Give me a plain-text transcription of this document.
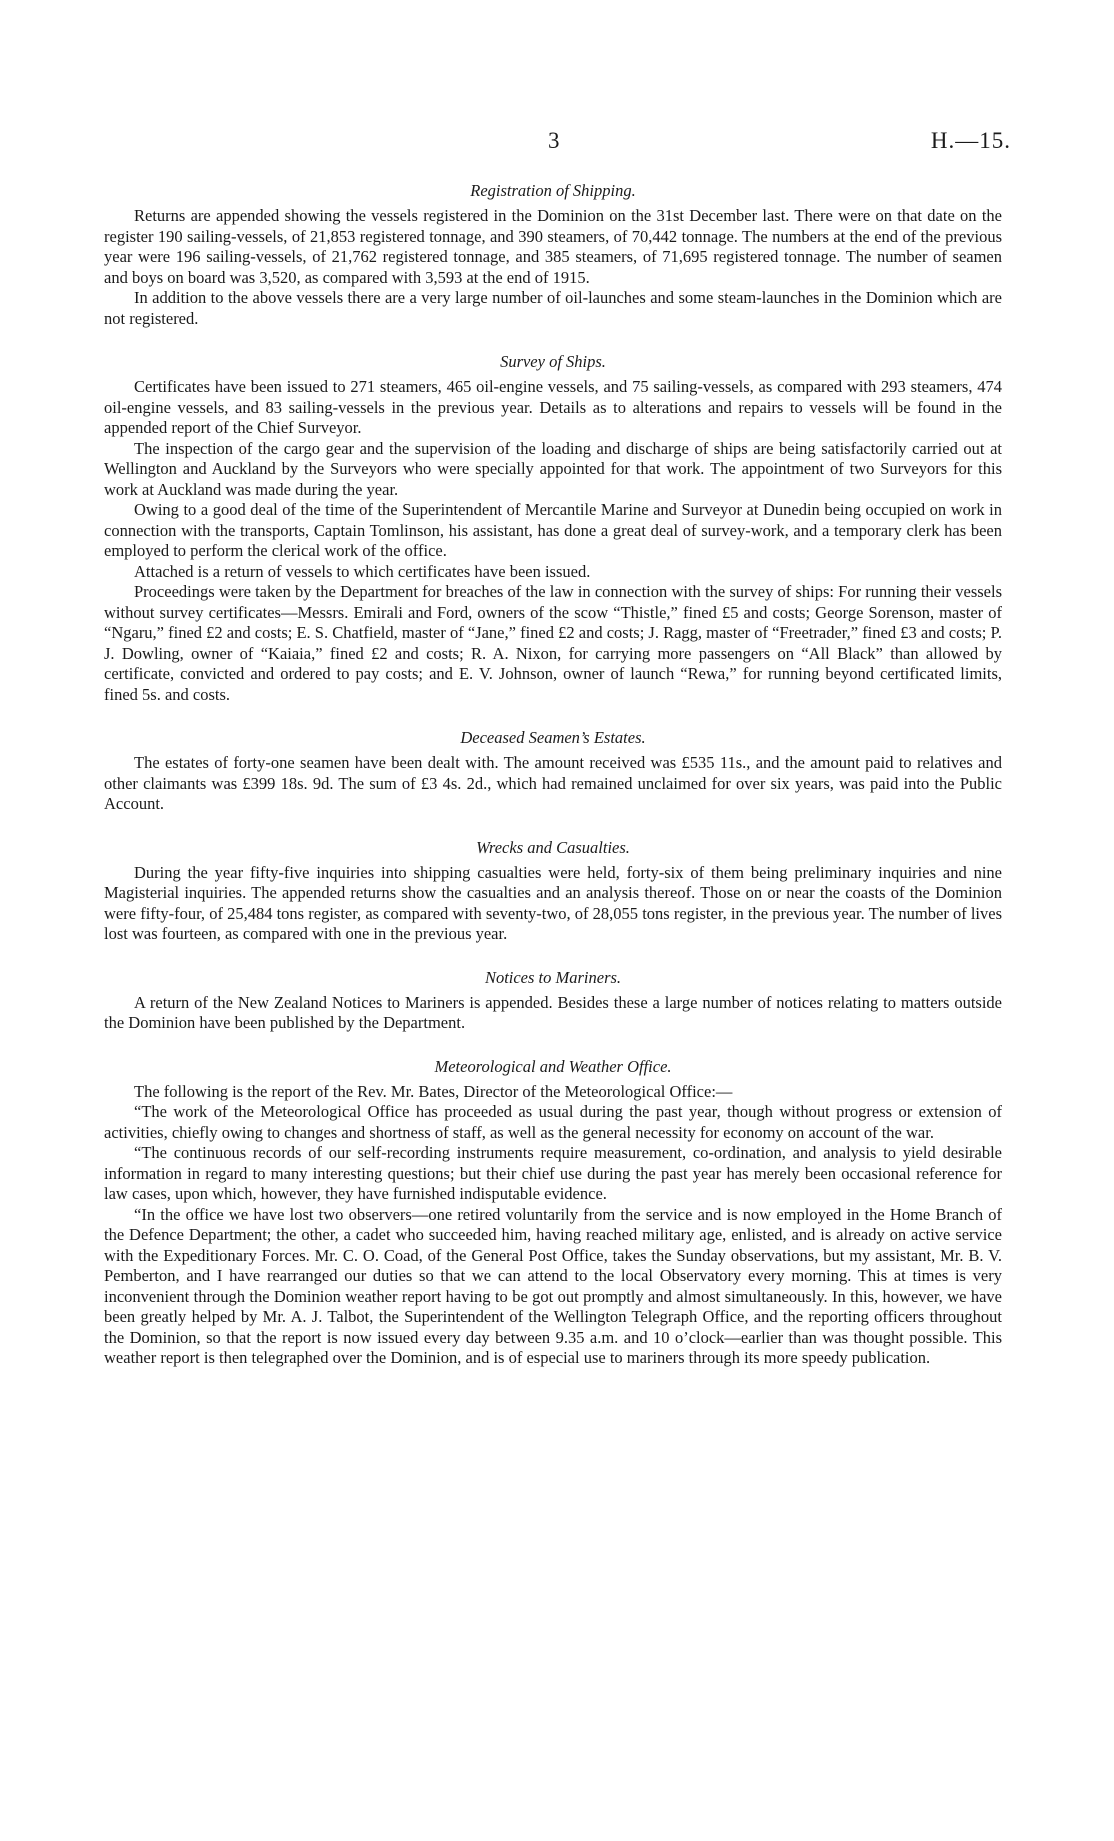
3	H.—15.
Registration of Shipping.

Returns are appended showing the vessels registered in the Dominion on the 31st December last. There were on that date on the register 190 sailing-vessels, of 21,853 registered tonnage, and 390 steamers, of 70,442 tonnage. The numbers at the end of the previous year were 196 sailing-vessels, of 21,762 registered tonnage, and 385 steamers, of 71,695 registered tonnage. The number of seamen and boys on board was 3,520, as compared with 3,593 at the end of 1915.

In addition to the above vessels there are a very large number of oil-launches and some steam-launches in the Dominion which are not registered.

Survey of Ships.

Certificates have been issued to 271 steamers, 465 oil-engine vessels, and 75 sailing-vessels, as compared with 293 steamers, 474 oil-engine vessels, and 83 sailing-vessels in the previous year. Details as to alterations and repairs to vessels will be found in the appended report of the Chief Surveyor.

The inspection of the cargo gear and the supervision of the loading and discharge of ships are being satisfactorily carried out at Wellington and Auckland by the Surveyors who were specially appointed for that work. The appointment of two Surveyors for this work at Auckland was made during the year.

Owing to a good deal of the time of the Superintendent of Mercantile Marine and Surveyor at Dunedin being occupied on work in connection with the transports, Captain Tomlinson, his assistant, has done a great deal of survey-work, and a temporary clerk has been employed to perform the clerical work of the office.

Attached is a return of vessels to which certificates have been issued.

Proceedings were taken by the Department for breaches of the law in connection with the survey of ships: For running their vessels without survey certificates—Messrs. Emirali and Ford, owners of the scow “Thistle,” fined £5 and costs; George Sorenson, master of “Ngaru,” fined £2 and costs; E. S. Chatfield, master of “Jane,” fined £2 and costs; J. Ragg, master of “Freetrader,” fined £3 and costs; P. J. Dowling, owner of “Kaiaia,” fined £2 and costs; R. A. Nixon, for carrying more passengers on “All Black” than allowed by certificate, convicted and ordered to pay costs; and E. V. Johnson, owner of launch “Rewa,” for running beyond certificated limits, fined 5s. and costs.

Deceased Seamen’s Estates.

The estates of forty-one seamen have been dealt with. The amount received was £535 11s., and the amount paid to relatives and other claimants was £399 18s. 9d. The sum of £3 4s. 2d., which had remained unclaimed for over six years, was paid into the Public Account.

Wrecks and Casualties.

During the year fifty-five inquiries into shipping casualties were held, forty-six of them being preliminary inquiries and nine Magisterial inquiries. The appended returns show the casualties and an analysis thereof. Those on or near the coasts of the Dominion were fifty-four, of 25,484 tons register, as compared with seventy-two, of 28,055 tons register, in the previous year. The number of lives lost was fourteen, as compared with one in the previous year.

Notices to Mariners.

A return of the New Zealand Notices to Mariners is appended. Besides these a large number of notices relating to matters outside the Dominion have been published by the Department.

Meteorological and Weather Office.

The following is the report of the Rev. Mr. Bates, Director of the Meteorological Office:—

“The work of the Meteorological Office has proceeded as usual during the past year, though without progress or extension of activities, chiefly owing to changes and shortness of staff, as well as the general necessity for economy on account of the war.

“The continuous records of our self-recording instruments require measurement, co-ordination, and analysis to yield desirable information in regard to many interesting questions; but their chief use during the past year has merely been occasional reference for law cases, upon which, however, they have furnished indisputable evidence.

“In the office we have lost two observers—one retired voluntarily from the service and is now employed in the Home Branch of the Defence Department; the other, a cadet who succeeded him, having reached military age, enlisted, and is already on active service with the Expeditionary Forces. Mr. C. O. Coad, of the General Post Office, takes the Sunday observations, but my assistant, Mr. B. V. Pemberton, and I have rearranged our duties so that we can attend to the local Observatory every morning. This at times is very inconvenient through the Dominion weather report having to be got out promptly and almost simultaneously. In this, however, we have been greatly helped by Mr. A. J. Talbot, the Superintendent of the Wellington Telegraph Office, and the reporting officers throughout the Dominion, so that the report is now issued every day between 9.35 a.m. and 10 o’clock—earlier than was thought possible. This weather report is then telegraphed over the Dominion, and is of especial use to mariners through its more speedy publication.
